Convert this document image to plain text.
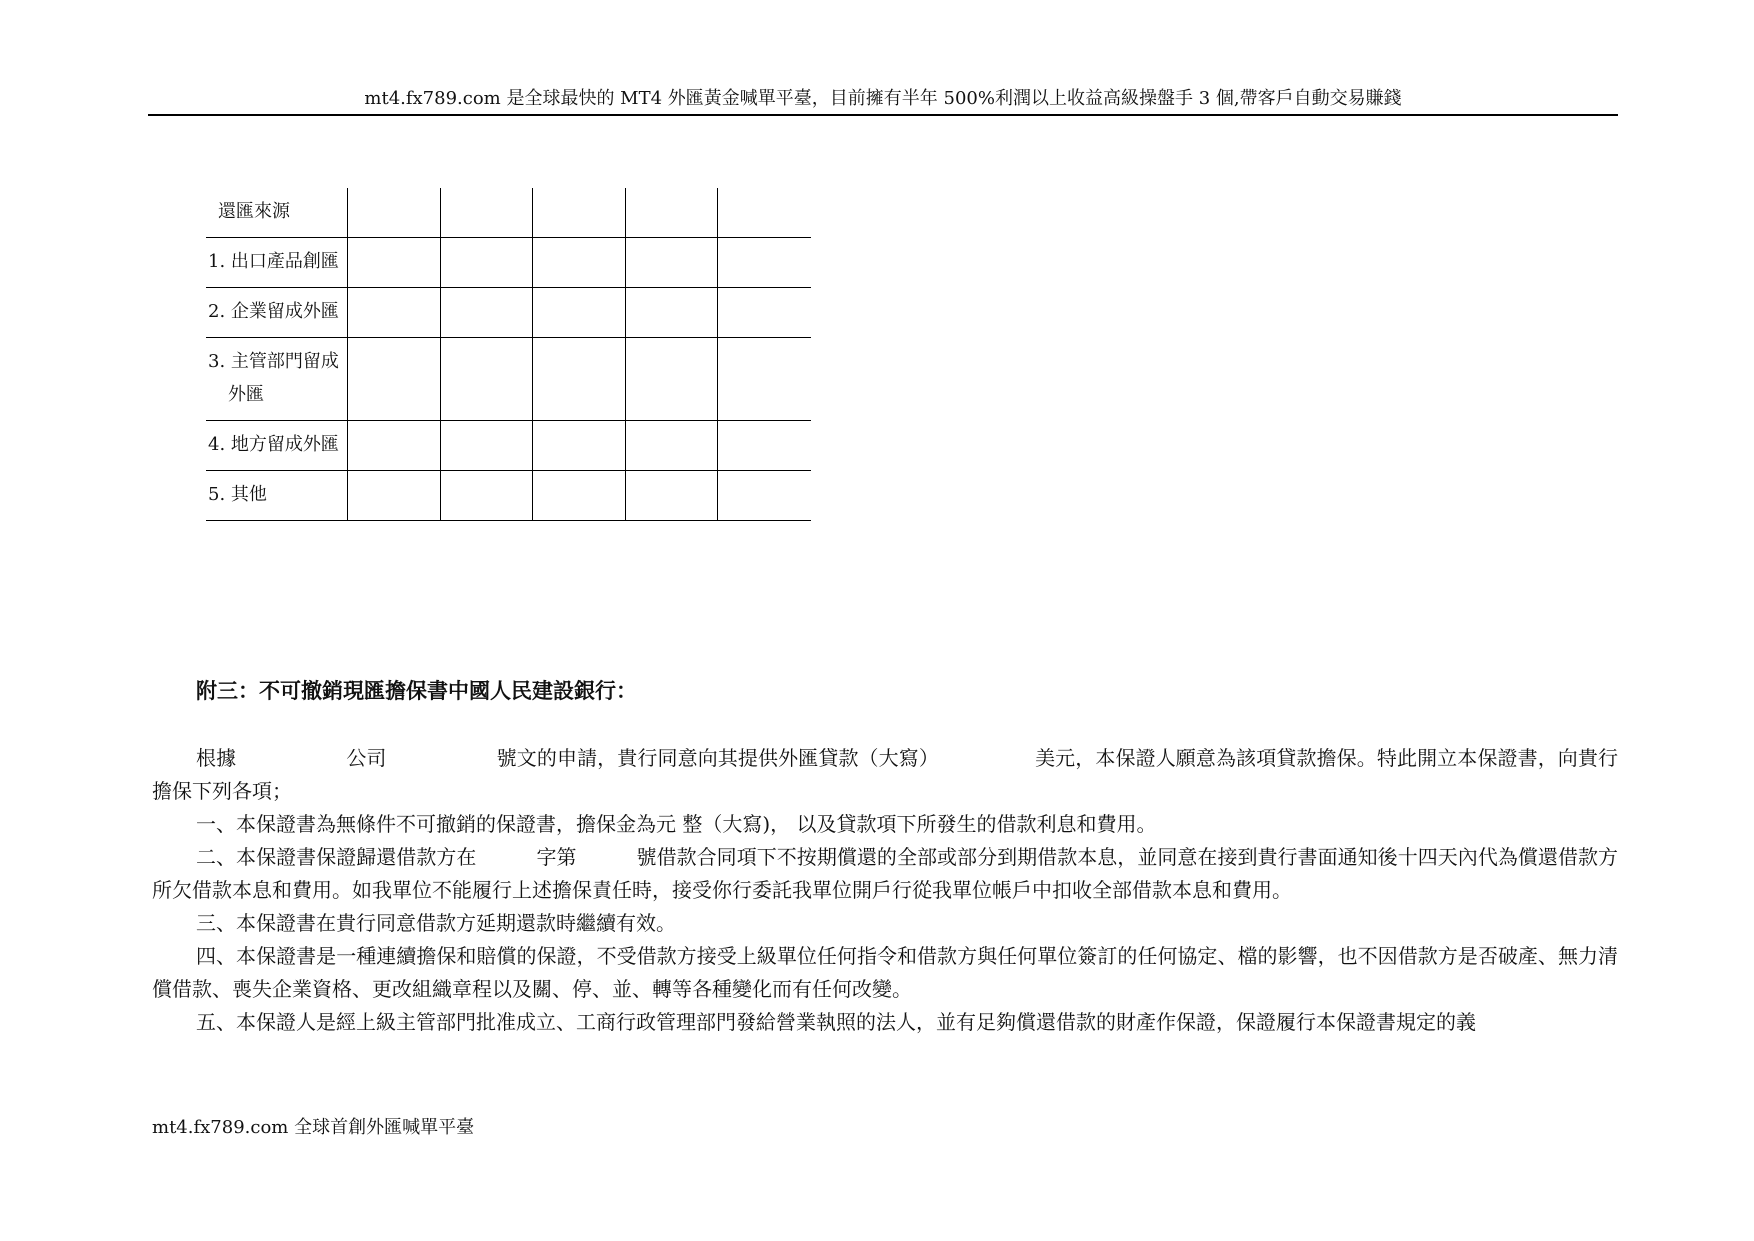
mt4.fx789.com 是全球最快的 MT4 外匯黃金喊單平臺，目前擁有半年 500%利潤以上收益高級操盤手 3 個,帶客戶自動交易賺錢
還匯來源
1. 出口產品創匯
2. 企業留成外匯
3. 主管部門留成
外匯
4. 地方留成外匯
5. 其他
附三：不可撤銷現匯擔保書中國人民建設銀行：

根據	公司	號文的申請，貴行同意向其提供外匯貸款（大寫）	美元，本保證人願意為該項貸款擔保。特此開立本保證書，向貴行擔保下列各項；

一、本保證書為無條件不可撤銷的保證書，擔保金為元 整（大寫)， 以及貸款項下所發生的借款利息和費用。

二、本保證書保證歸還借款方在	字第	號借款合同項下不按期償還的全部或部分到期借款本息，並同意在接到貴行書面通知後十四天內代為償還借款方所欠借款本息和費用。如我單位不能履行上述擔保責任時，接受你行委託我單位開戶行從我單位帳戶中扣收全部借款本息和費用。

三、本保證書在貴行同意借款方延期還款時繼續有效。

四、本保證書是一種連續擔保和賠償的保證，不受借款方接受上級單位任何指令和借款方與任何單位簽訂的任何協定、檔的影響，也不因借款方是否破產、無力清償借款、喪失企業資格、更改組織章程以及關、停、並、轉等各種變化而有任何改變。

五、本保證人是經上級主管部門批准成立、工商行政管理部門發給營業執照的法人，並有足夠償還借款的財產作保證，保證履行本保證書規定的義

mt4.fx789.com 全球首創外匯喊單平臺
